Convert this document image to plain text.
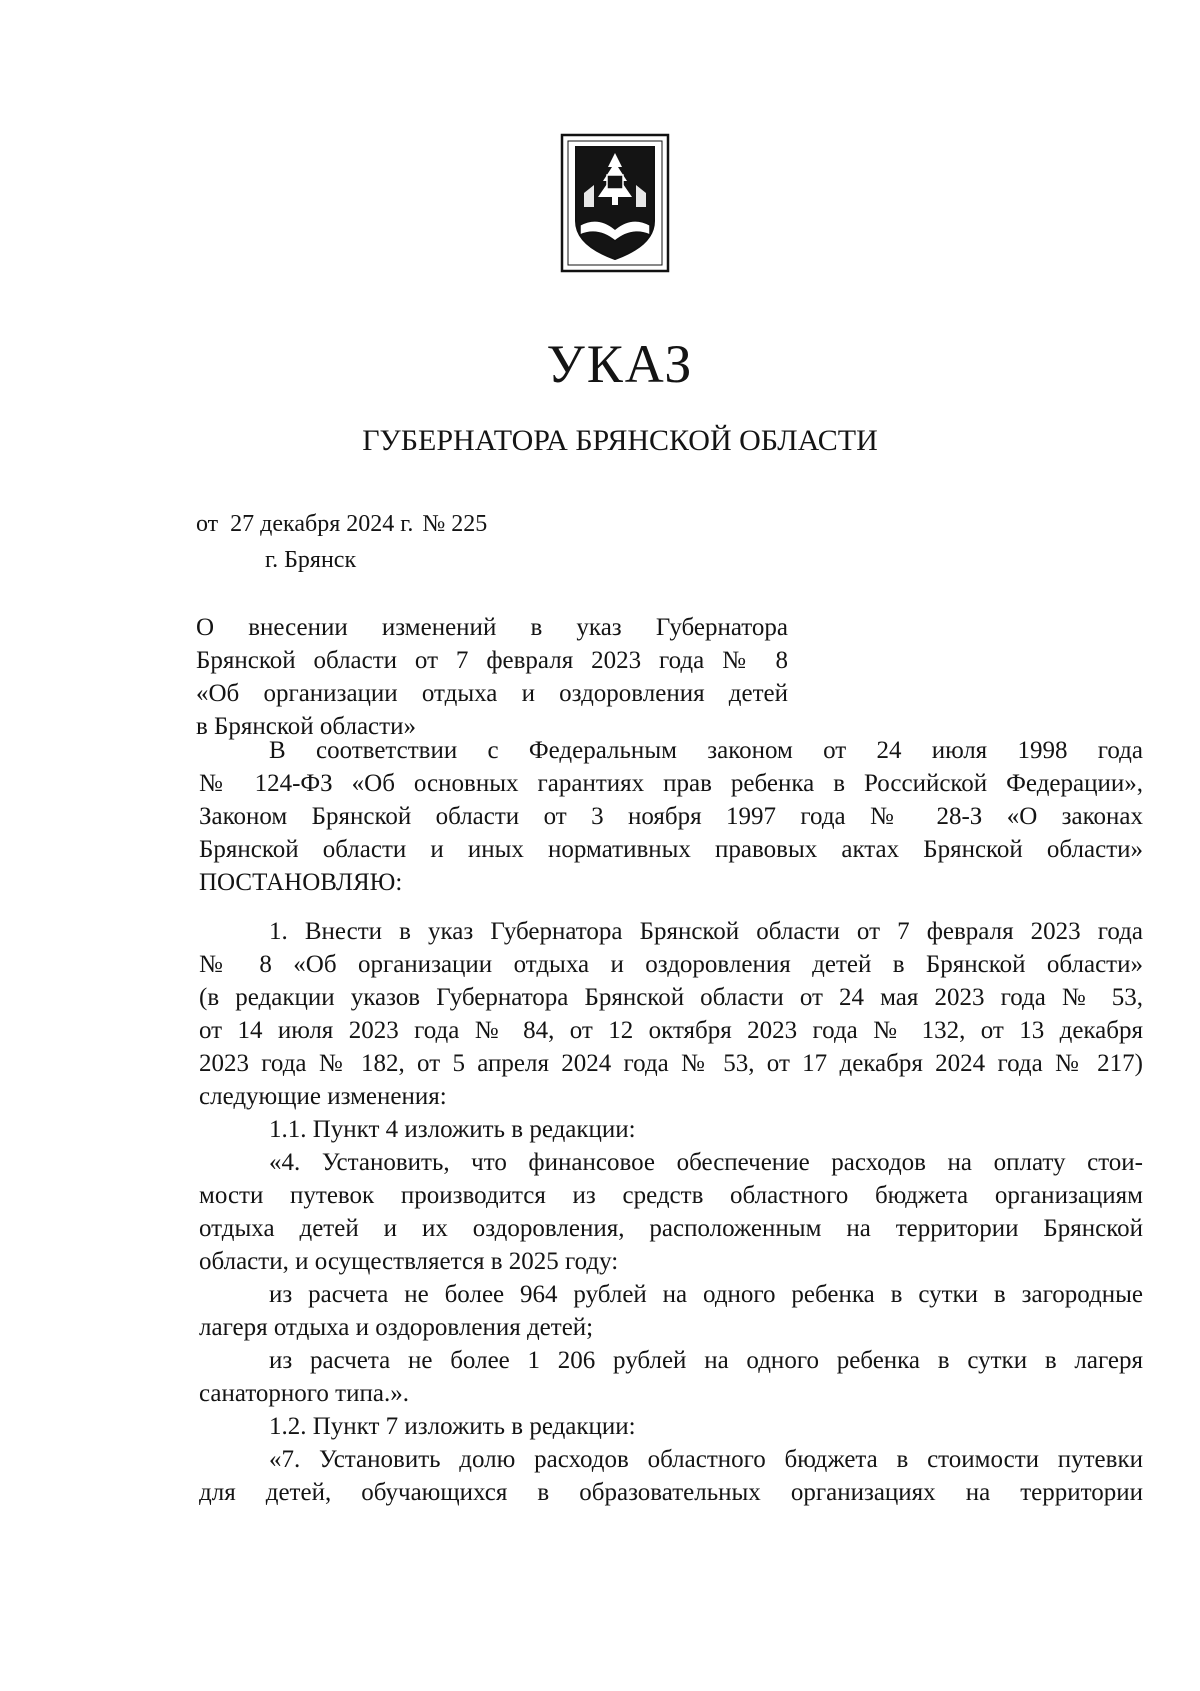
УКАЗ
ГУБЕРНАТОРА БРЯНСКОЙ ОБЛАСТИ
от  27 декабря 2024 г. № 225
г. Брянск
О внесении изменений в указ Губернатора
Брянской области от 7 февраля 2023 года № 8
«Об организации отдыха и оздоровления детей
в Брянской области»
В соответствии с Федеральным законом от 24 июля 1998 года
№ 124-ФЗ «Об основных гарантиях прав ребенка в Российской Федерации»,
Законом Брянской области от 3 ноября 1997 года № 28-З «О законах
Брянской области и иных нормативных правовых актах Брянской области»
ПОСТАНОВЛЯЮ:
1. Внести в указ Губернатора Брянской области от 7 февраля 2023 года
№ 8 «Об организации отдыха и оздоровления детей в Брянской области»
(в редакции указов Губернатора Брянской области от 24 мая 2023 года № 53,
от 14 июля 2023 года № 84, от 12 октября 2023 года № 132, от 13 декабря
2023 года № 182, от 5 апреля 2024 года № 53, от 17 декабря 2024 года № 217)
следующие изменения:
1.1. Пункт 4 изложить в редакции:
«4. Установить, что финансовое обеспечение расходов на оплату стои-
мости путевок производится из средств областного бюджета организациям
отдыха детей и их оздоровления, расположенным на территории Брянской
области, и осуществляется в 2025 году:
из расчета не более 964 рублей на одного ребенка в сутки в загородные
лагеря отдыха и оздоровления детей;
из расчета не более 1 206 рублей на одного ребенка в сутки в лагеря
санаторного типа.».
1.2. Пункт 7 изложить в редакции:
«7. Установить долю расходов областного бюджета в стоимости путевки
для детей, обучающихся в образовательных организациях на территории
